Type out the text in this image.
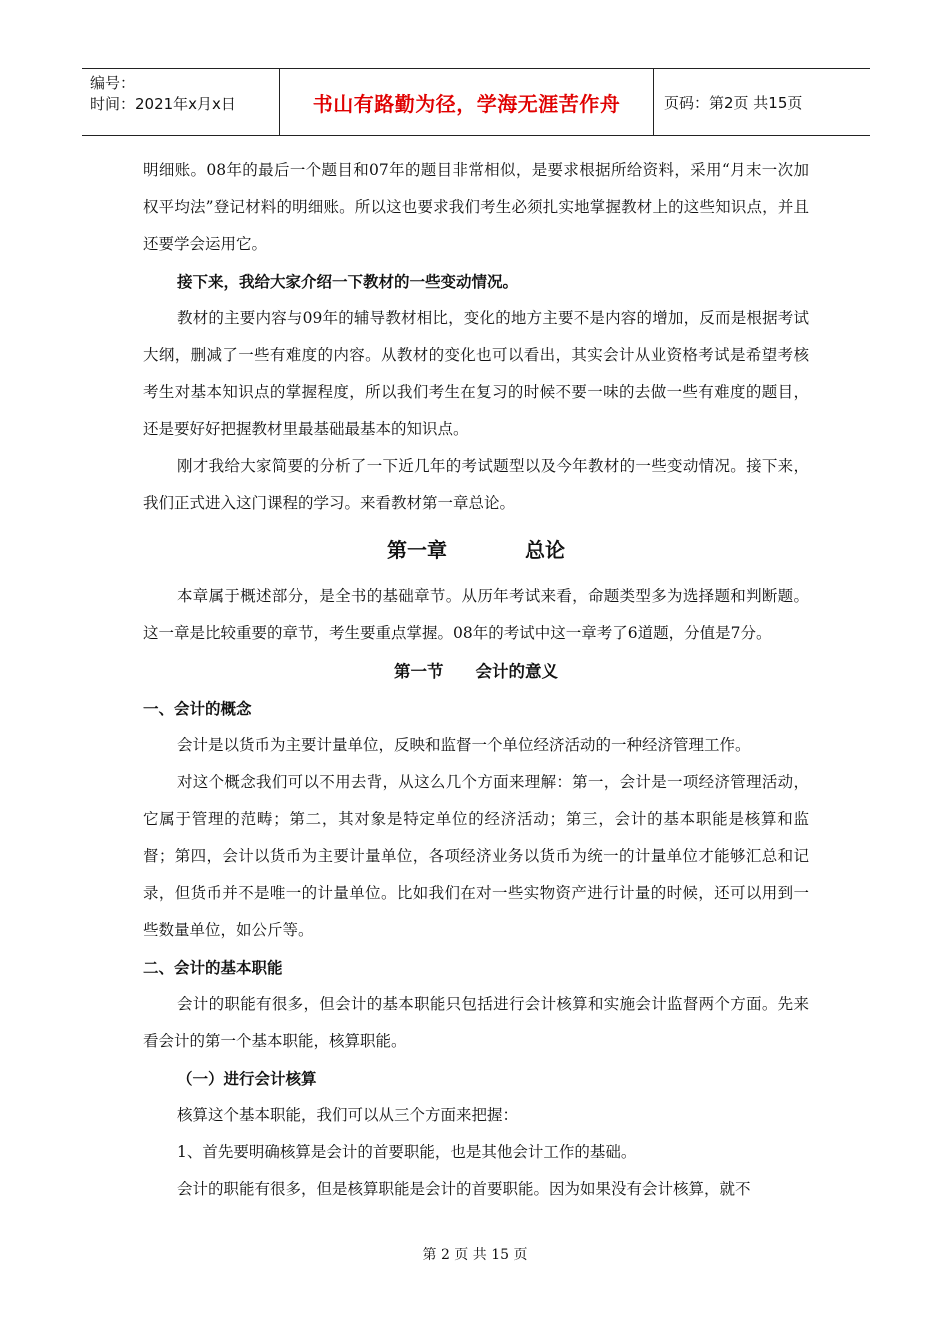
编号：
时间：2021年x月x日	书山有路勤为径，学海无涯苦作舟	页码：第2页 共15页

明细账。08年的最后一个题目和07年的题目非常相似，是要求根据所给资料，采用“月末一次加权平均法”登记材料的明细账。所以这也要求我们考生必须扎实地掌握教材上的这些知识点，并且还要学会运用它。

接下来，我给大家介绍一下教材的一些变动情况。

教材的主要内容与09年的辅导教材相比，变化的地方主要不是内容的增加，反而是根据考试大纲，删减了一些有难度的内容。从教材的变化也可以看出，其实会计从业资格考试是希望考核考生对基本知识点的掌握程度，所以我们考生在复习的时候不要一味的去做一些有难度的题目，还是要好好把握教材里最基础最基本的知识点。

刚才我给大家简要的分析了一下近几年的考试题型以及今年教材的一些变动情况。接下来，我们正式进入这门课程的学习。来看教材第一章总论。

第一章	总论

本章属于概述部分，是全书的基础章节。从历年考试来看，命题类型多为选择题和判断题。这一章是比较重要的章节，考生要重点掌握。08年的考试中这一章考了6道题，分值是7分。

第一节 会计的意义

一、会计的概念

会计是以货币为主要计量单位，反映和监督一个单位经济活动的一种经济管理工作。

对这个概念我们可以不用去背，从这么几个方面来理解：第一，会计是一项经济管理活动，它属于管理的范畴；第二，其对象是特定单位的经济活动；第三，会计的基本职能是核算和监督；第四，会计以货币为主要计量单位，各项经济业务以货币为统一的计量单位才能够汇总和记录，但货币并不是唯一的计量单位。比如我们在对一些实物资产进行计量的时候，还可以用到一些数量单位，如公斤等。

二、会计的基本职能

会计的职能有很多，但会计的基本职能只包括进行会计核算和实施会计监督两个方面。先来看会计的第一个基本职能，核算职能。

（一）进行会计核算

核算这个基本职能，我们可以从三个方面来把握：

1、首先要明确核算是会计的首要职能，也是其他会计工作的基础。

会计的职能有很多，但是核算职能是会计的首要职能。因为如果没有会计核算，就不

第 2 页 共 15 页
